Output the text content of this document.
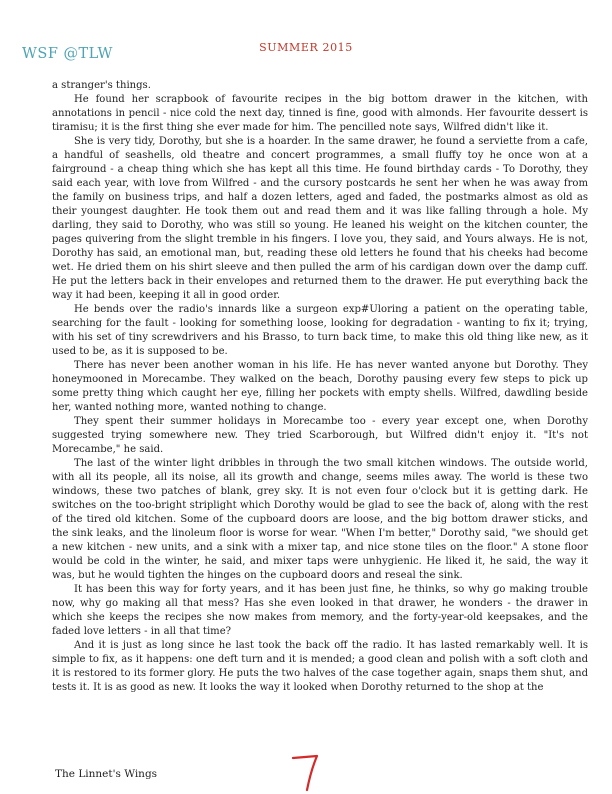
WSF @TLW	SUMMER 2015

a stranger's things.

He found her scrapbook of favourite recipes in the big bottom drawer in the kitchen, with annotations in pencil - nice cold the next day, tinned is fine, good with almonds. Her favourite dessert is tiramisu; it is the first thing she ever made for him. The pencilled note says, Wilfred didn't like it.

She is very tidy, Dorothy, but she is a hoarder. In the same drawer, he found a serviette from a cafe, a handful of seashells, old theatre and concert programmes, a small fluffy toy he once won at a fairground - a cheap thing which she has kept all this time. He found birthday cards - To Dorothy, they said each year, with love from Wilfred - and the cursory postcards he sent her when he was away from the family on business trips, and half a dozen letters, aged and faded, the postmarks almost as old as their youngest daughter. He took them out and read them and it was like falling through a hole. My darling, they said to Dorothy, who was still so young. He leaned his weight on the kitchen counter, the pages quivering from the slight tremble in his fingers. I love you, they said, and Yours always. He is not, Dorothy has said, an emotional man, but, reading these old letters he found that his cheeks had become wet. He dried them on his shirt sleeve and then pulled the arm of his cardigan down over the damp cuff. He put the letters back in their envelopes and returned them to the drawer. He put everything back the way it had been, keeping it all in good order.

He bends over the radio's innards like a surgeon exp#Uloring a patient on the operating table, searching for the fault - looking for something loose, looking for degradation - wanting to fix it; trying, with his set of tiny screwdrivers and his Brasso, to turn back time, to make this old thing like new, as it used to be, as it is supposed to be.

There has never been another woman in his life. He has never wanted anyone but Dorothy. They honeymooned in Morecambe. They walked on the beach, Dorothy pausing every few steps to pick up some pretty thing which caught her eye, filling her pockets with empty shells. Wilfred, dawdling beside her, wanted nothing more, wanted nothing to change.

They spent their summer holidays in Morecambe too - every year except one, when Dorothy suggested trying somewhere new. They tried Scarborough, but Wilfred didn't enjoy it. "It's not Morecambe," he said.

The last of the winter light dribbles in through the two small kitchen windows. The outside world, with all its people, all its noise, all its growth and change, seems miles away. The world is these two windows, these two patches of blank, grey sky. It is not even four o'clock but it is getting dark. He switches on the too-bright striplight which Dorothy would be glad to see the back of, along with the rest of the tired old kitchen. Some of the cupboard doors are loose, and the big bottom drawer sticks, and the sink leaks, and the linoleum floor is worse for wear. "When I'm better," Dorothy said, "we should get a new kitchen - new units, and a sink with a mixer tap, and nice stone tiles on the floor." A stone floor would be cold in the winter, he said, and mixer taps were unhygienic. He liked it, he said, the way it was, but he would tighten the hinges on the cupboard doors and reseal the sink.

It has been this way for forty years, and it has been just fine, he thinks, so why go making trouble now, why go making all that mess? Has she even looked in that drawer, he wonders - the drawer in which she keeps the recipes she now makes from memory, and the forty-year-old keepsakes, and the faded love letters - in all that time?

And it is just as long since he last took the back off the radio. It has lasted remarkably well. It is simple to fix, as it happens: one deft turn and it is mended; a good clean and polish with a soft cloth and it is restored to its former glory. He puts the two halves of the case together again, snaps them shut, and tests it. It is as good as new. It looks the way it looked when Dorothy returned to the shop at the

The Linnet's Wings
